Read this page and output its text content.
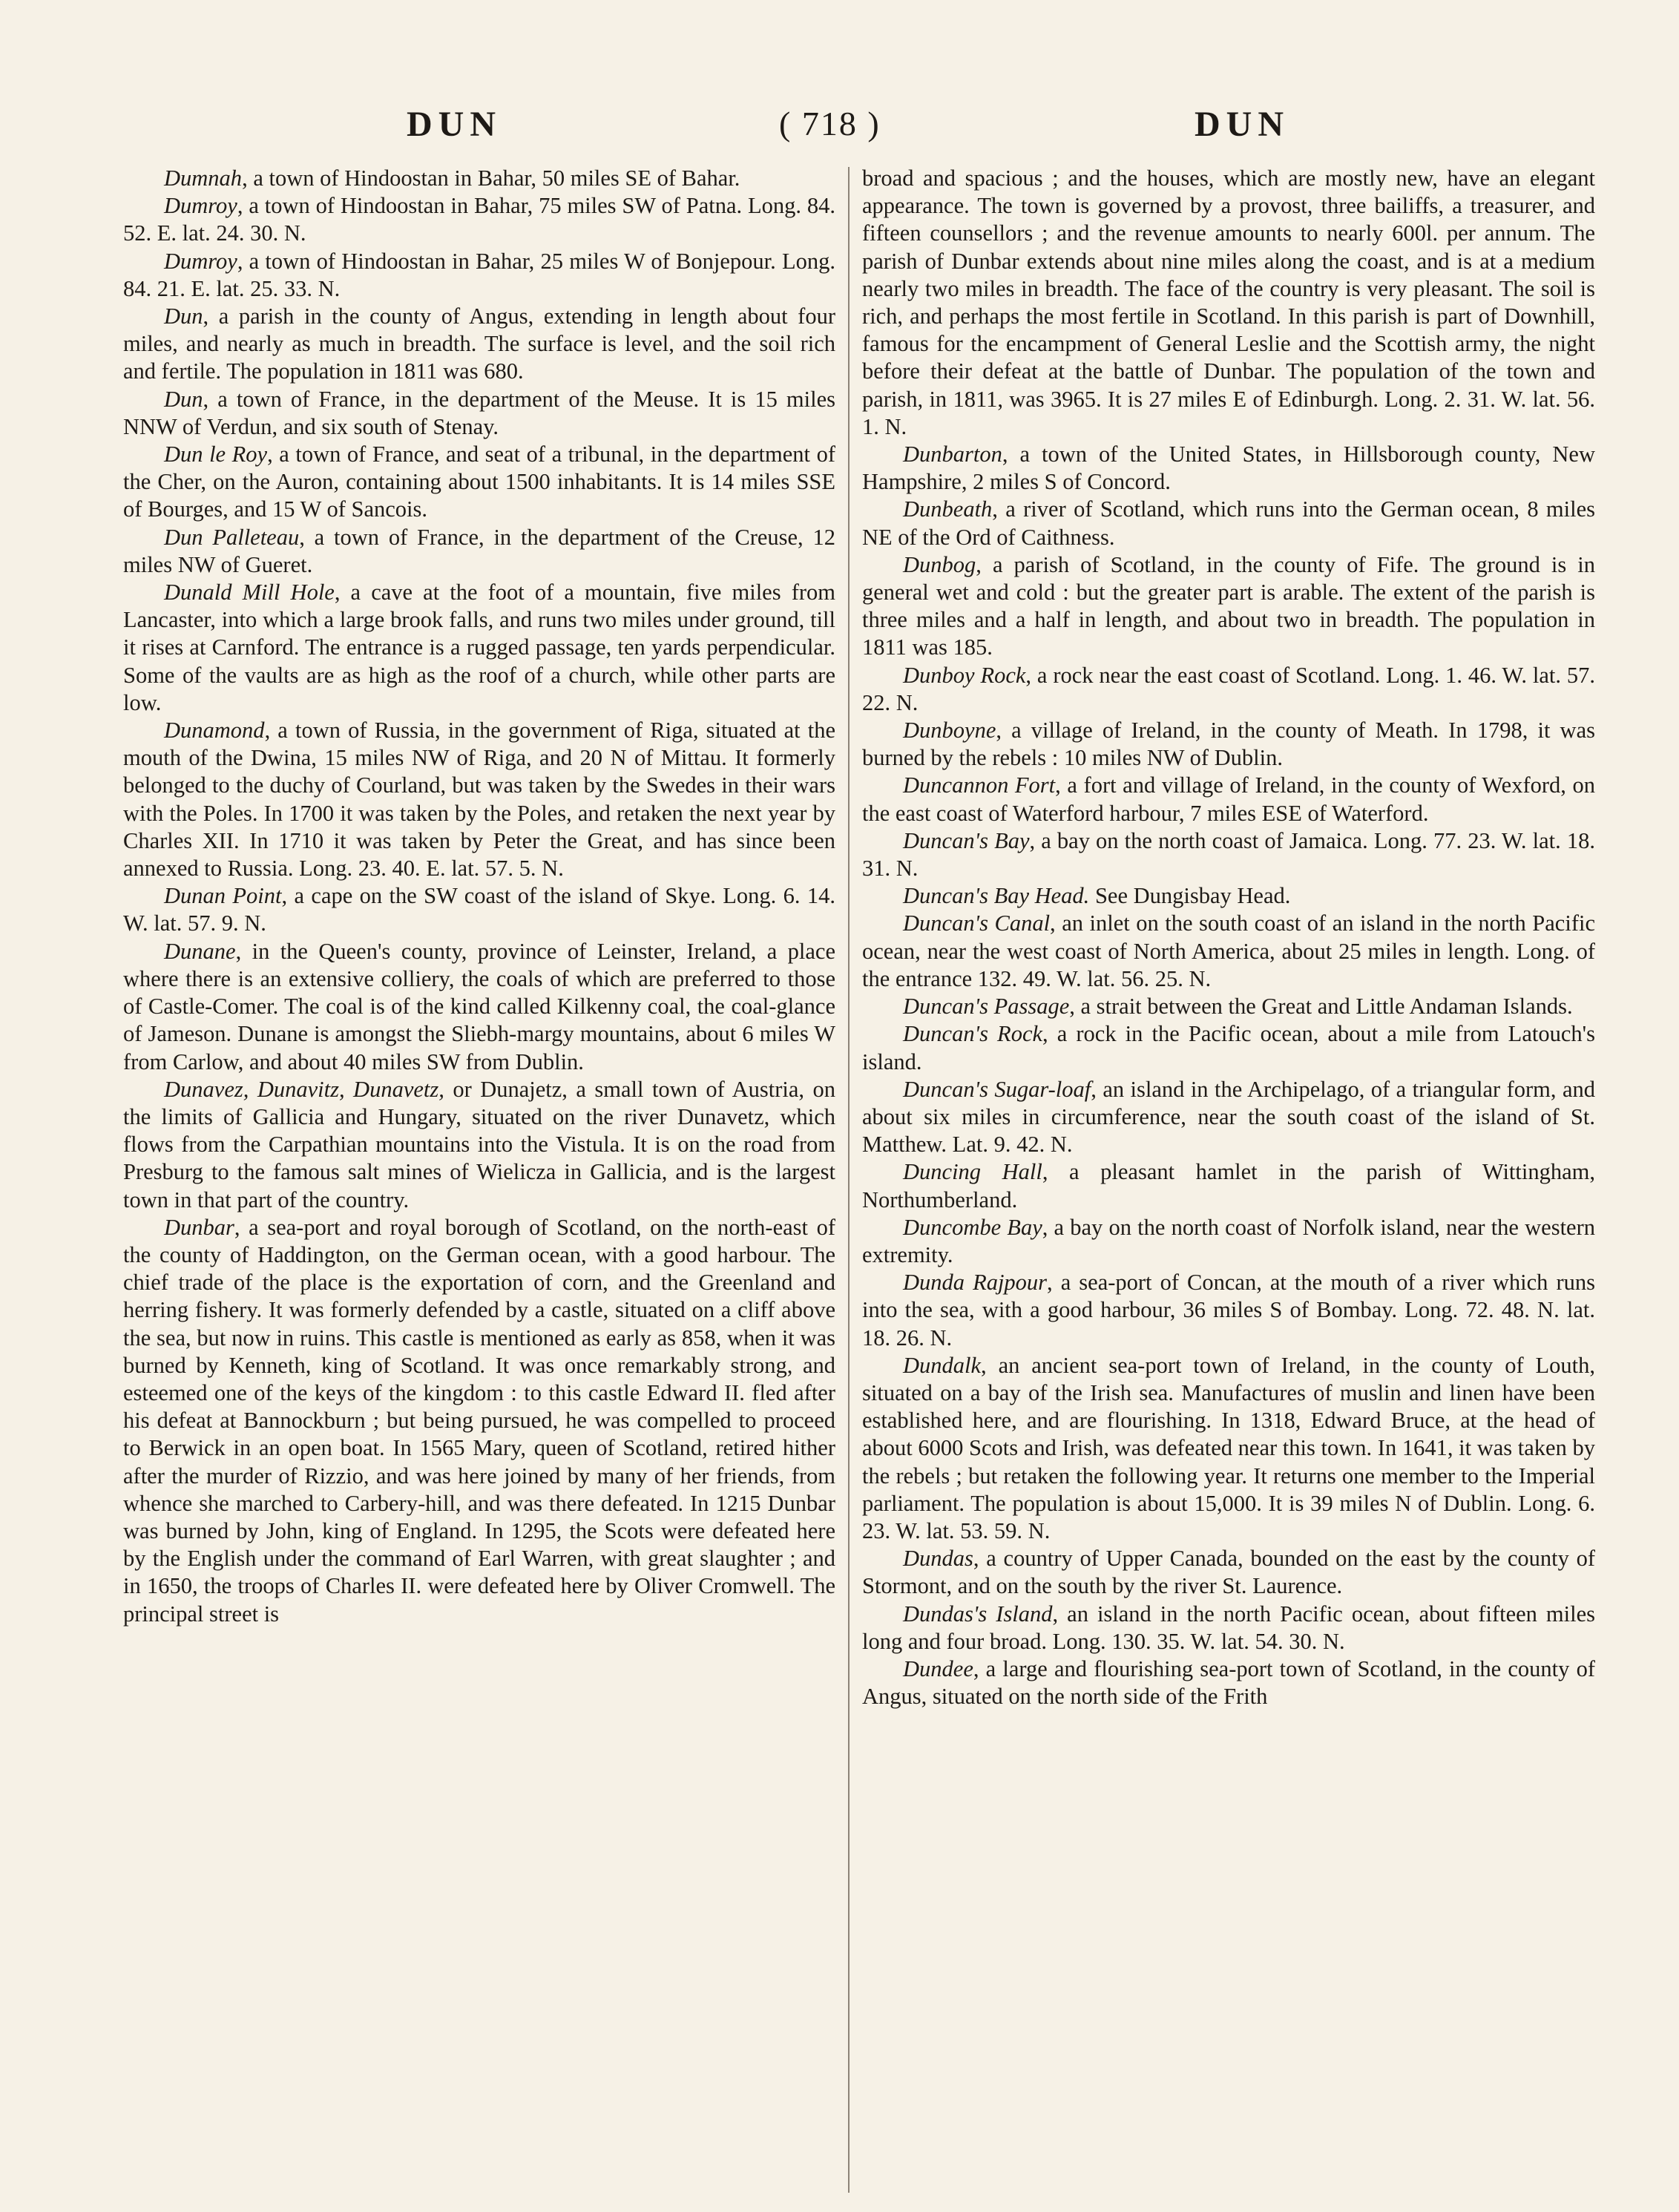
DUN	( 718 )	DUN

Dumnah, a town of Hindoostan in Bahar, 50 miles SE of Bahar.

Dumroy, a town of Hindoostan in Bahar, 75 miles SW of Patna. Long. 84. 52. E. lat. 24. 30. N.

Dumroy, a town of Hindoostan in Bahar, 25 miles W of Bonjepour. Long. 84. 21. E. lat. 25. 33. N.

Dun, a parish in the county of Angus, extending in length about four miles, and nearly as much in breadth. The surface is level, and the soil rich and fertile. The population in 1811 was 680.

Dun, a town of France, in the department of the Meuse. It is 15 miles NNW of Verdun, and six south of Stenay.

Dun le Roy, a town of France, and seat of a tribunal, in the department of the Cher, on the Auron, containing about 1500 inhabitants. It is 14 miles SSE of Bourges, and 15 W of Sancois.

Dun Palleteau, a town of France, in the department of the Creuse, 12 miles NW of Gueret.

Dunald Mill Hole, a cave at the foot of a mountain, five miles from Lancaster, into which a large brook falls, and runs two miles under ground, till it rises at Carnford. The entrance is a rugged passage, ten yards perpendicular. Some of the vaults are as high as the roof of a church, while other parts are low.

Dunamond, a town of Russia, in the government of Riga, situated at the mouth of the Dwina, 15 miles NW of Riga, and 20 N of Mittau. It formerly belonged to the duchy of Courland, but was taken by the Swedes in their wars with the Poles. In 1700 it was taken by the Poles, and retaken the next year by Charles XII. In 1710 it was taken by Peter the Great, and has since been annexed to Russia. Long. 23. 40. E. lat. 57. 5. N.

Dunan Point, a cape on the SW coast of the island of Skye. Long. 6. 14. W. lat. 57. 9. N.

Dunane, in the Queen's county, province of Leinster, Ireland, a place where there is an extensive colliery, the coals of which are preferred to those of Castle-Comer. The coal is of the kind called Kilkenny coal, the coal-glance of Jameson. Dunane is amongst the Sliebh-margy mountains, about 6 miles W from Carlow, and about 40 miles SW from Dublin.

Dunavez, Dunavitz, Dunavetz, or Dunajetz, a small town of Austria, on the limits of Gallicia and Hungary, situated on the river Dunavetz, which flows from the Carpathian mountains into the Vistula. It is on the road from Presburg to the famous salt mines of Wielicza in Gallicia, and is the largest town in that part of the country.

Dunbar, a sea-port and royal borough of Scotland, on the north-east of the county of Haddington, on the German ocean, with a good harbour. The chief trade of the place is the exportation of corn, and the Greenland and herring fishery. It was formerly defended by a castle, situated on a cliff above the sea, but now in ruins. This castle is mentioned as early as 858, when it was burned by Kenneth, king of Scotland. It was once remarkably strong, and esteemed one of the keys of the kingdom : to this castle Edward II. fled after his defeat at Bannockburn ; but being pursued, he was compelled to proceed to Berwick in an open boat. In 1565 Mary, queen of Scotland, retired hither after the murder of Rizzio, and was here joined by many of her friends, from whence she marched to Carbery-hill, and was there defeated. In 1215 Dunbar was burned by John, king of England. In 1295, the Scots were defeated here by the English under the command of Earl Warren, with great slaughter ; and in 1650, the troops of Charles II. were defeated here by Oliver Cromwell. The principal street is

broad and spacious ; and the houses, which are mostly new, have an elegant appearance. The town is governed by a provost, three bailiffs, a treasurer, and fifteen counsellors ; and the revenue amounts to nearly 600l. per annum. The parish of Dunbar extends about nine miles along the coast, and is at a medium nearly two miles in breadth. The face of the country is very pleasant. The soil is rich, and perhaps the most fertile in Scotland. In this parish is part of Downhill, famous for the encampment of General Leslie and the Scottish army, the night before their defeat at the battle of Dunbar. The population of the town and parish, in 1811, was 3965. It is 27 miles E of Edinburgh. Long. 2. 31. W. lat. 56. 1. N.

Dunbarton, a town of the United States, in Hillsborough county, New Hampshire, 2 miles S of Concord.

Dunbeath, a river of Scotland, which runs into the German ocean, 8 miles NE of the Ord of Caithness.

Dunbog, a parish of Scotland, in the county of Fife. The ground is in general wet and cold : but the greater part is arable. The extent of the parish is three miles and a half in length, and about two in breadth. The population in 1811 was 185.

Dunboy Rock, a rock near the east coast of Scotland. Long. 1. 46. W. lat. 57. 22. N.

Dunboyne, a village of Ireland, in the county of Meath. In 1798, it was burned by the rebels : 10 miles NW of Dublin.

Duncannon Fort, a fort and village of Ireland, in the county of Wexford, on the east coast of Waterford harbour, 7 miles ESE of Waterford.

Duncan's Bay, a bay on the north coast of Jamaica. Long. 77. 23. W. lat. 18. 31. N.

Duncan's Bay Head. See Dungisbay Head.

Duncan's Canal, an inlet on the south coast of an island in the north Pacific ocean, near the west coast of North America, about 25 miles in length. Long. of the entrance 132. 49. W. lat. 56. 25. N.

Duncan's Passage, a strait between the Great and Little Andaman Islands.

Duncan's Rock, a rock in the Pacific ocean, about a mile from Latouch's island.

Duncan's Sugar-loaf, an island in the Archipelago, of a triangular form, and about six miles in circumference, near the south coast of the island of St. Matthew. Lat. 9. 42. N.

Duncing Hall, a pleasant hamlet in the parish of Wittingham, Northumberland.

Duncombe Bay, a bay on the north coast of Norfolk island, near the western extremity.

Dunda Rajpour, a sea-port of Concan, at the mouth of a river which runs into the sea, with a good harbour, 36 miles S of Bombay. Long. 72. 48. N. lat. 18. 26. N.

Dundalk, an ancient sea-port town of Ireland, in the county of Louth, situated on a bay of the Irish sea. Manufactures of muslin and linen have been established here, and are flourishing. In 1318, Edward Bruce, at the head of about 6000 Scots and Irish, was defeated near this town. In 1641, it was taken by the rebels ; but retaken the following year. It returns one member to the Imperial parliament. The population is about 15,000. It is 39 miles N of Dublin. Long. 6. 23. W. lat. 53. 59. N.

Dundas, a country of Upper Canada, bounded on the east by the county of Stormont, and on the south by the river St. Laurence.

Dundas's Island, an island in the north Pacific ocean, about fifteen miles long and four broad. Long. 130. 35. W. lat. 54. 30. N.

Dundee, a large and flourishing sea-port town of Scotland, in the county of Angus, situated on the north side of the Frith
